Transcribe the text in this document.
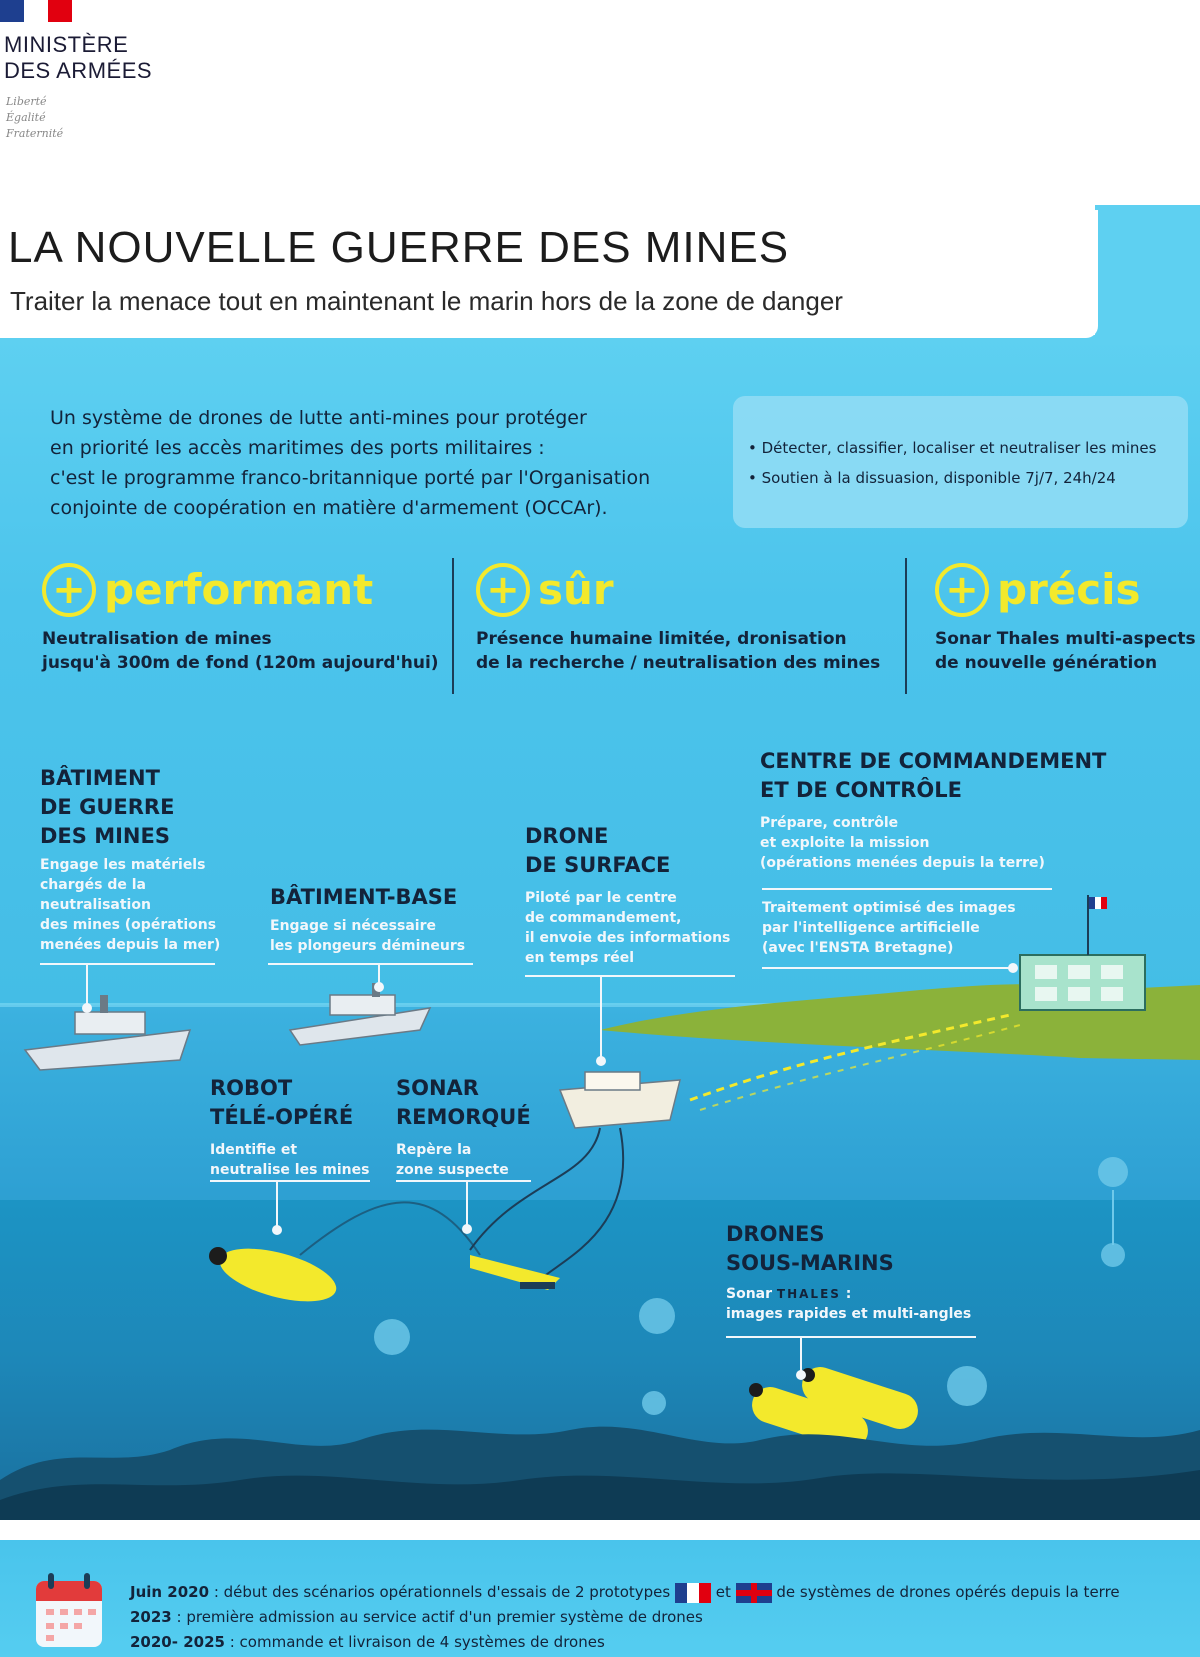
MINISTÈRE
DES ARMÉES
Liberté
Égalité
Fraternité
LA NOUVELLE GUERRE DES MINES
Traiter la menace tout en maintenant le marin hors de la zone de danger
Un système de drones de lutte anti-mines pour protéger
en priorité les accès maritimes des ports militaires :
c'est le programme franco-britannique porté par l'Organisation
conjointe de coopération en matière d'armement (OCCAr).
• Détecter, classifier, localiser et neutraliser les mines
• Soutien à la dissuasion, disponible 7j/7, 24h/24
+ performant
Neutralisation de mines
jusqu'à 300m de fond (120m aujourd'hui)
+ sûr
Présence humaine limitée, dronisation
de la recherche / neutralisation des mines
+ précis
Sonar Thales multi-aspects
de nouvelle génération
BÂTIMENT
DE GUERRE
DES MINES
Engage les matériels
chargés de la
neutralisation
des mines (opérations
menées depuis la mer)
BÂTIMENT-BASE
Engage si nécessaire
les plongeurs démineurs
DRONE
DE SURFACE
Piloté par le centre
de commandement,
il envoie des informations
en temps réel
CENTRE DE COMMANDEMENT
ET DE CONTRÔLE
Prépare, contrôle
et exploite la mission
(opérations menées depuis la terre)
Traitement optimisé des images
par l'intelligence artificielle
(avec l'ENSTA Bretagne)
ROBOT
TÉLÉ-OPÉRÉ
Identifie et
neutralise les mines
SONAR
REMORQUÉ
Repère la
zone suspecte
DRONES
SOUS-MARINS
Sonar THALES :
images rapides et multi-angles
Juin 2020 : début des scénarios opérationnels d'essais de 2 prototypes  et
de systèmes de drones opérés depuis la terre
2023 : première admission au service actif d'un premier système de drones
2020- 2025 : commande et livraison de 4 systèmes de drones
